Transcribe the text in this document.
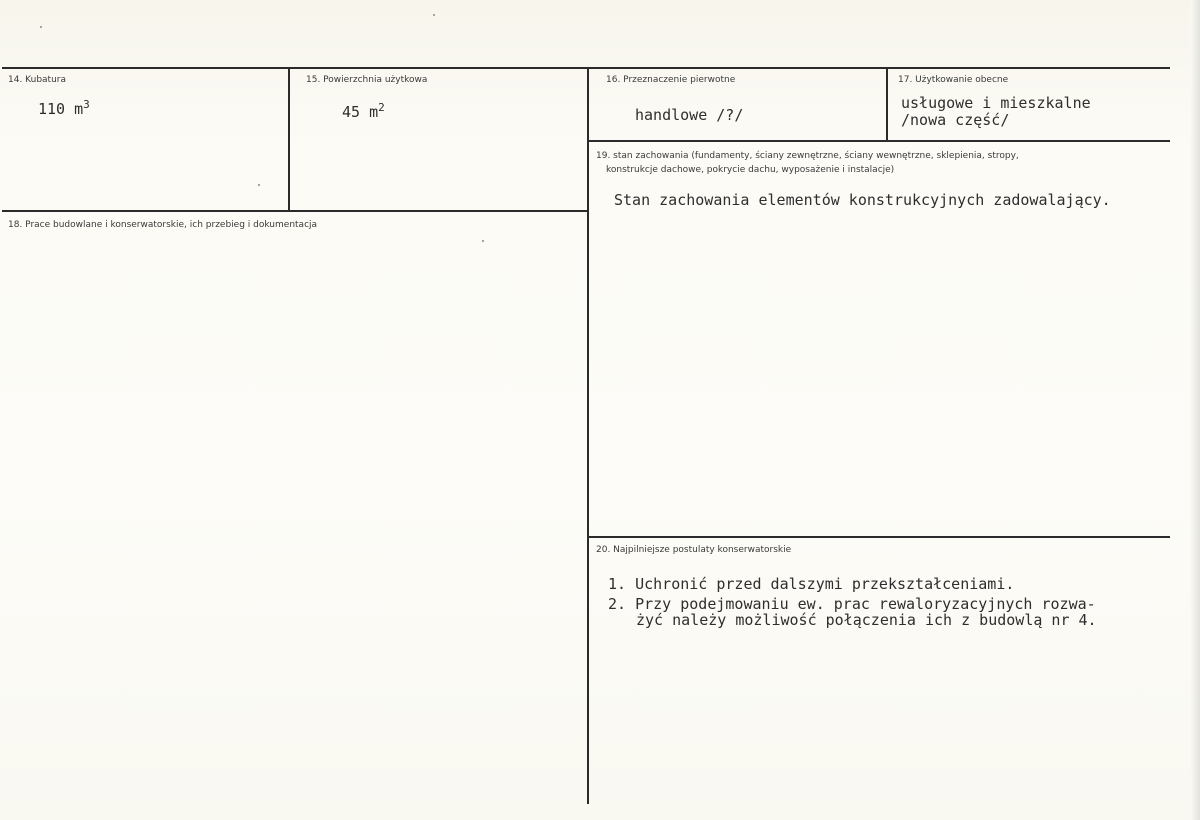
14. Kubatura
110 $m^3$
15. Powierzchnia użytkowa
45 $m^2$
16. Przeznaczenie pierwotne
handlowe /?/
17. Użytkowanie obecne
usługowe i mieszkalne
/nowa część/
18. Prace budowlane i konserwatorskie, ich przebieg i dokumentacja
19. stan zachowania (fundamenty, ściany zewnętrzne, ściany wewnętrzne, sklepienia, stropy,
konstrukcje dachowe, pokrycie dachu, wyposażenie i instalacje)
Stan zachowania elementów konstrukcyjnych zadowalający.
20. Najpilniejsze postulaty konserwatorskie
1. Uchronić przed dalszymi przekształceniami.
2. Przy podejmowaniu ew. prac rewaloryzacyjnych rozwa-
żyć należy możliwość połączenia ich z budowlą nr 4.
